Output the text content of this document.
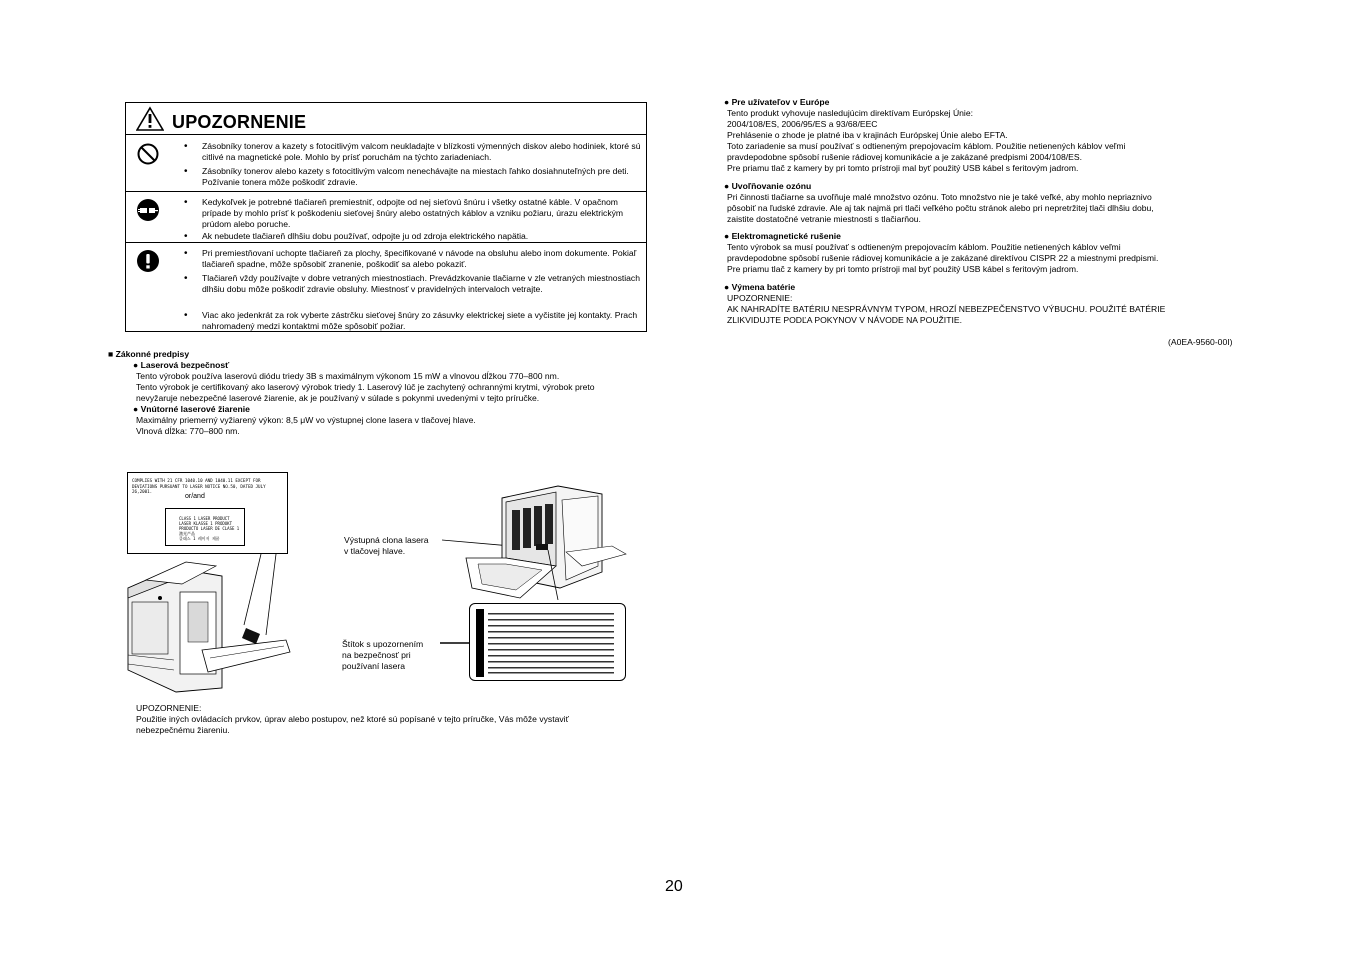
UPOZORNENIE
• Zásobníky tonerov a kazety s fotocitlivým valcom neukladajte v blízkosti výmenných diskov alebo hodiniek, ktoré sú citlivé na magnetické pole. Mohlo by prísť poruchám na týchto zariadeniach.
• Zásobníky tonerov alebo kazety s fotocitlivým valcom nenechávajte na miestach ľahko dosiahnuteľných pre deti. Požívanie tonera môže poškodiť zdravie.
• Kedykoľvek je potrebné tlačiareň premiestniť, odpojte od nej sieťovú šnúru i všetky ostatné káble. V opačnom prípade by mohlo prísť k poškodeniu sieťovej šnúry alebo ostatných káblov a vzniku požiaru, úrazu elektrickým prúdom alebo poruche.
• Ak nebudete tlačiareň dlhšiu dobu používať, odpojte ju od zdroja elektrického napätia.
• Pri premiestňovaní uchopte tlačiareň za plochy, špecifikované v návode na obsluhu alebo inom dokumente. Pokiaľ tlačiareň spadne, môže spôsobiť zranenie, poškodiť sa alebo pokaziť.
• Tlačiareň vždy používajte v dobre vetraných miestnostiach. Prevádzkovanie tlačiarne v zle vetraných miestnostiach dlhšiu dobu môže poškodiť zdravie obsluhy. Miestnosť v pravidelných intervaloch vetrajte.
• Viac ako jedenkrát za rok vyberte zástrčku sieťovej šnúry zo zásuvky elektrickej siete a vyčistite jej kontakty. Prach nahromadený medzi kontaktmi môže spôsobiť požiar.
■ Zákonné predpisy
● Laserová bezpečnosť
Tento výrobok používa laserovú diódu triedy 3B s maximálnym výkonom 15 mW a vlnovou dĺžkou 770–800 nm.
Tento výrobok je certifikovaný ako laserový výrobok triedy 1. Laserový lúč je zachytený ochrannými krytmi, výrobok preto
nevyžaruje nebezpečné laserové žiarenie, ak je používaný v súlade s pokynmi uvedenými v tejto príručke.
● Vnútorné laserové žiarenie
Maximálny priemerný vyžiarený výkon: 8,5 μW vo výstupnej clone lasera v tlačovej hlave.
Vlnová dĺžka: 770–800 nm.
COMPLIES WITH 21 CFR 1040.10 AND 1040.11 EXCEPT FOR
DEVIATIONS PURSUANT TO LASER NOTICE NO.50, DATED JULY 26,2001.
or/and
CLASS 1 LASER PRODUCT
LASER KLASSE 1 PRODUKT
PRODUCTO LASER DE CLASE 1
激光产品
클래스 1 레이저 제품	Výstupná clona lasera
v tlačovej hlave.
Štítok s upozornením
na bezpečnosť pri
používaní lasera
UPOZORNENIE:
Použitie iných ovládacích prvkov, úprav alebo postupov, než ktoré sú popísané v tejto príručke, Vás môže vystaviť
nebezpečnému žiareniu.
● Pre užívateľov v Európe
Tento produkt vyhovuje nasledujúcim direktívam Európskej Únie:
2004/108/ES, 2006/95/ES a 93/68/EEC
Prehlásenie o zhode je platné iba v krajinách Európskej Únie alebo EFTA.
Toto zariadenie sa musí používať s odtieneným prepojovacím káblom. Použitie netienených káblov veľmi
pravdepodobne spôsobí rušenie rádiovej komunikácie a je zakázané predpismi 2004/108/ES.
Pre priamu tlač z kamery by pri tomto prístroji mal byť použitý USB kábel s feritovým jadrom.
● Uvoľňovanie ozónu
Pri činnosti tlačiarne sa uvoľňuje malé množstvo ozónu. Toto množstvo nie je také veľké, aby mohlo nepriaznivo
pôsobiť na ľudské zdravie. Ale aj tak najmä pri tlači veľkého počtu stránok alebo pri nepretržitej tlači dlhšiu dobu,
zaistite dostatočné vetranie miestnosti s tlačiarňou.
● Elektromagnetické rušenie
Tento výrobok sa musí používať s odtieneným prepojovacím káblom. Použitie netienených káblov veľmi
pravdepodobne spôsobí rušenie rádiovej komunikácie a je zakázané direktívou CISPR 22 a miestnymi predpismi.
Pre priamu tlač z kamery by pri tomto prístroji mal byť použitý USB kábel s feritovým jadrom.
● Výmena batérie
UPOZORNENIE:
AK NAHRADÍTE BATÉRIU NESPRÁVNYM TYPOM, HROZÍ NEBEZPEČENSTVO VÝBUCHU. POUŽITÉ BATÉRIE
ZLIKVIDUJTE PODĽA POKYNOV V NÁVODE NA POUŽITIE.
(A0EA-9560-00I)
20
